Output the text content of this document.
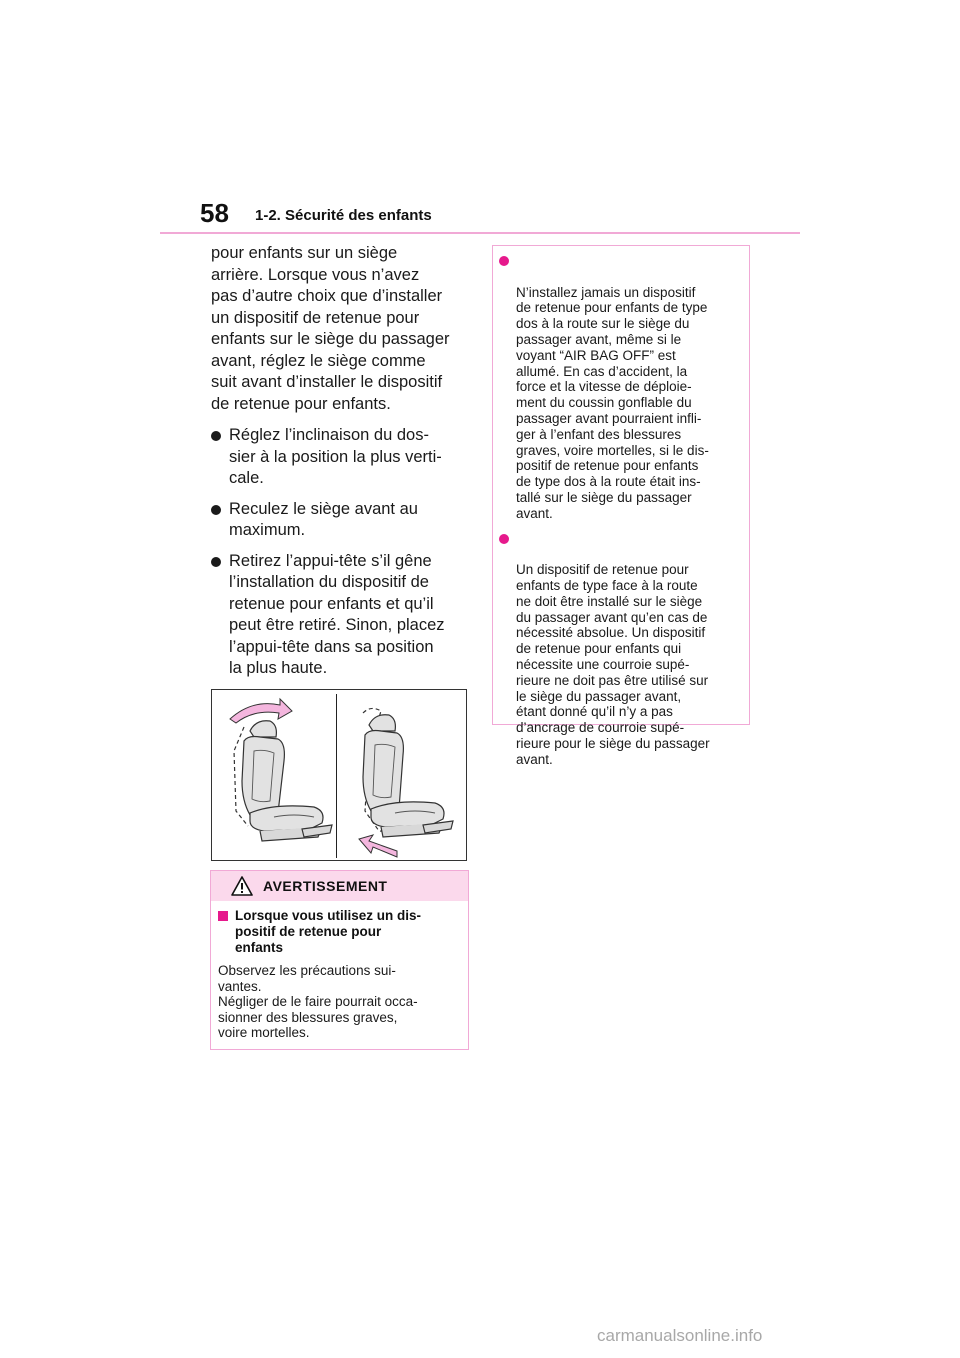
58 1-2. Sécurité des enfants

pour enfants sur un siège
arrière. Lorsque vous n’avez
pas d’autre choix que d’installer
un dispositif de retenue pour
enfants sur le siège du passager
avant, réglez le siège comme
suit avant d’installer le dispositif
de retenue pour enfants.

Réglez l’inclinaison du dos-
sier à la position la plus verti-
cale.
Reculez le siège avant au
maximum.
Retirez l’appui-tête s’il gêne
l’installation du dispositif de
retenue pour enfants et qu’il
peut être retiré. Sinon, placez
l’appui-tête dans sa position
la plus haute.
AVERTISSEMENT
Lorsque vous utilisez un dis-
positif de retenue pour
enfants
Observez les précautions sui-
vantes.
Négliger de le faire pourrait occa-
sionner des blessures graves,
voire mortelles.

N’installez jamais un dispositif
de retenue pour enfants de type
dos à la route sur le siège du
passager avant, même si le
voyant “AIR BAG OFF” est
allumé. En cas d’accident, la
force et la vitesse de déploie-
ment du coussin gonflable du
passager avant pourraient infli-
ger à l’enfant des blessures
graves, voire mortelles, si le dis-
positif de retenue pour enfants
de type dos à la route était ins-
tallé sur le siège du passager
avant.

Un dispositif de retenue pour
enfants de type face à la route
ne doit être installé sur le siège
du passager avant qu’en cas de
nécessité absolue. Un dispositif
de retenue pour enfants qui
nécessite une courroie supé-
rieure ne doit pas être utilisé sur
le siège du passager avant,
étant donné qu’il n’y a pas
d’ancrage de courroie supé-
rieure pour le siège du passager
avant.

carmanualsonline.info
